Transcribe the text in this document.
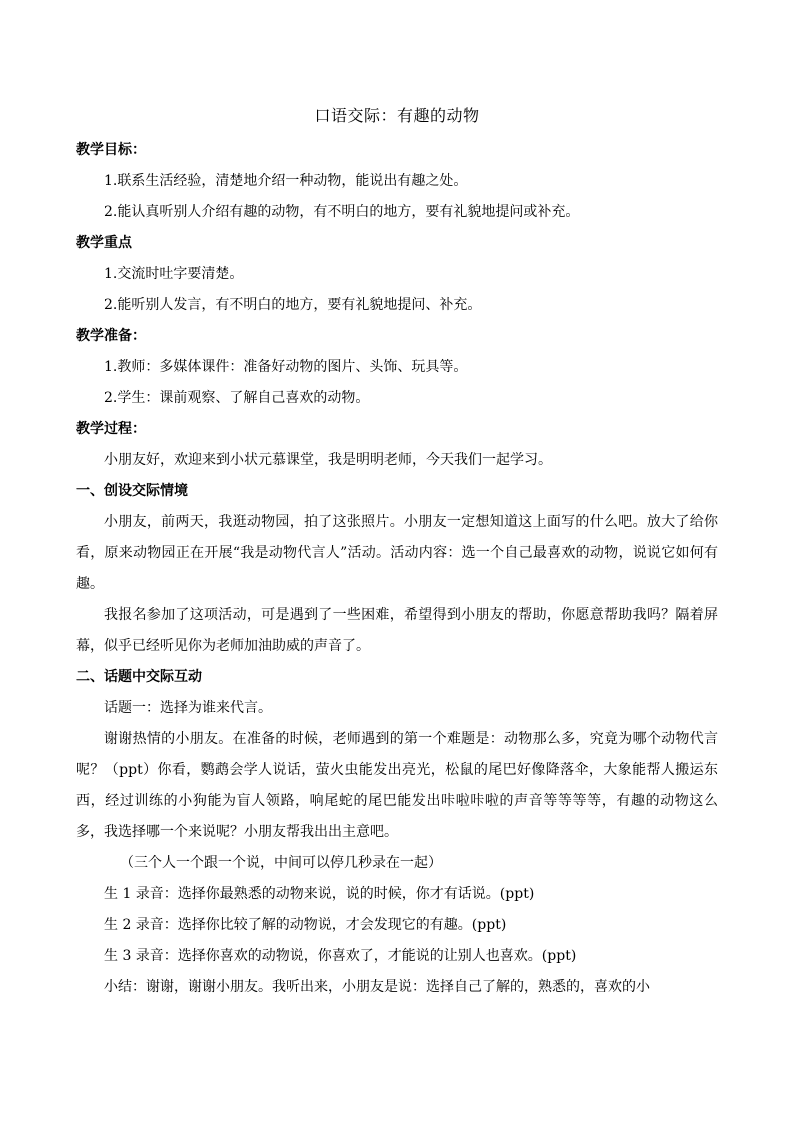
口语交际：有趣的动物

教学目标：

1.联系生活经验，清楚地介绍一种动物，能说出有趣之处。

2.能认真听别人介绍有趣的动物，有不明白的地方，要有礼貌地提问或补充。

教学重点

1.交流时吐字要清楚。

2.能听别人发言，有不明白的地方，要有礼貌地提问、补充。

教学准备：

1.教师：多媒体课件：准备好动物的图片、头饰、玩具等。

2.学生：课前观察、了解自己喜欢的动物。

教学过程：

小朋友好，欢迎来到小状元慕课堂，我是明明老师，今天我们一起学习。

一、创设交际情境

小朋友，前两天，我逛动物园，拍了这张照片。小朋友一定想知道这上面写的什么吧。放大了给你看，原来动物园正在开展“我是动物代言人”活动。活动内容：选一个自己最喜欢的动物，说说它如何有趣。

我报名参加了这项活动，可是遇到了一些困难，希望得到小朋友的帮助，你愿意帮助我吗？隔着屏幕，似乎已经听见你为老师加油助威的声音了。

二、话题中交际互动

话题一：选择为谁来代言。

谢谢热情的小朋友。在准备的时候，老师遇到的第一个难题是：动物那么多，究竟为哪个动物代言呢？（ppt）你看，鹦鹉会学人说话，萤火虫能发出亮光，松鼠的尾巴好像降落伞，大象能帮人搬运东西，经过训练的小狗能为盲人领路，响尾蛇的尾巴能发出咔啦咔啦的声音等等等等，有趣的动物这么多，我选择哪一个来说呢？小朋友帮我出出主意吧。

（三个人一个跟一个说，中间可以停几秒录在一起）

生 1 录音：选择你最熟悉的动物来说，说的时候，你才有话说。(ppt)

生 2 录音：选择你比较了解的动物说，才会发现它的有趣。(ppt)

生 3 录音：选择你喜欢的动物说，你喜欢了，才能说的让别人也喜欢。(ppt)

小结：谢谢，谢谢小朋友。我听出来，小朋友是说：选择自己了解的，熟悉的，喜欢的小
